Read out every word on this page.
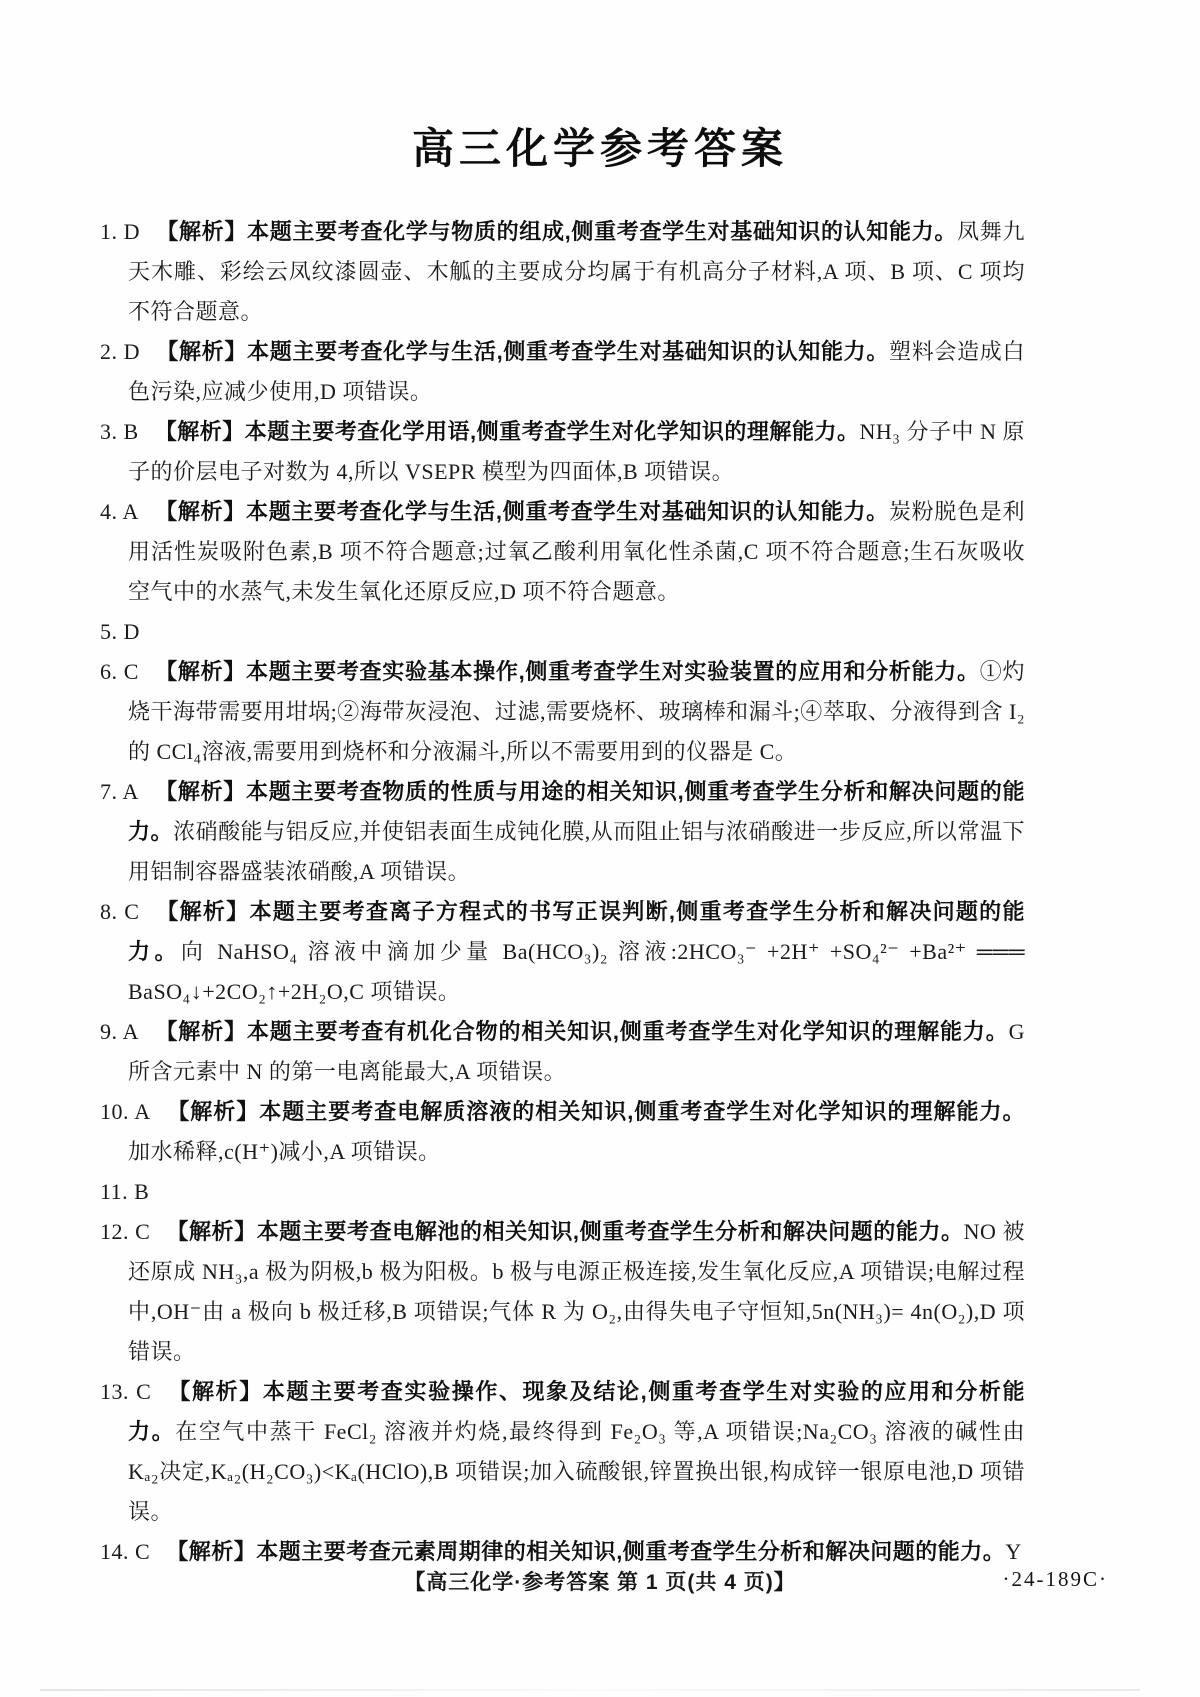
高三化学参考答案
1. D 【解析】本题主要考查化学与物质的组成,侧重考查学生对基础知识的认知能力。凤舞九天木雕、彩绘云凤纹漆圆壶、木觚的主要成分均属于有机高分子材料,A 项、B 项、C 项均不符合题意。
2. D 【解析】本题主要考查化学与生活,侧重考查学生对基础知识的认知能力。塑料会造成白色污染,应减少使用,D 项错误。
3. B 【解析】本题主要考查化学用语,侧重考查学生对化学知识的理解能力。NH₃ 分子中 N 原子的价层电子对数为 4,所以 VSEPR 模型为四面体,B 项错误。
4. A 【解析】本题主要考查化学与生活,侧重考查学生对基础知识的认知能力。炭粉脱色是利用活性炭吸附色素,B 项不符合题意;过氧乙酸利用氧化性杀菌,C 项不符合题意;生石灰吸收空气中的水蒸气,未发生氧化还原反应,D 项不符合题意。
5. D
6. C 【解析】本题主要考查实验基本操作,侧重考查学生对实验装置的应用和分析能力。①灼烧干海带需要用坩埚;②海带灰浸泡、过滤,需要烧杯、玻璃棒和漏斗;④萃取、分液得到含 I₂ 的 CCl₄溶液,需要用到烧杯和分液漏斗,所以不需要用到的仪器是 C。
7. A 【解析】本题主要考查物质的性质与用途的相关知识,侧重考查学生分析和解决问题的能力。浓硝酸能与铝反应,并使铝表面生成钝化膜,从而阻止铝与浓硝酸进一步反应,所以常温下用铝制容器盛装浓硝酸,A 项错误。
8. C 【解析】本题主要考查离子方程式的书写正误判断,侧重考查学生分析和解决问题的能力。向 NaHSO₄ 溶液中滴加少量 Ba(HCO₃)₂ 溶液:2HCO₃⁻ +2H⁺ +SO₄²⁻ +Ba²⁺ ═══ BaSO₄↓+2CO₂↑+2H₂O,C 项错误。
9. A 【解析】本题主要考查有机化合物的相关知识,侧重考查学生对化学知识的理解能力。G 所含元素中 N 的第一电离能最大,A 项错误。
10. A 【解析】本题主要考查电解质溶液的相关知识,侧重考查学生对化学知识的理解能力。加水稀释,c(H⁺)减小,A 项错误。
11. B
12. C 【解析】本题主要考查电解池的相关知识,侧重考查学生分析和解决问题的能力。NO 被还原成 NH₃,a 极为阴极,b 极为阳极。b 极与电源正极连接,发生氧化反应,A 项错误;电解过程中,OH⁻由 a 极向 b 极迁移,B 项错误;气体 R 为 O₂,由得失电子守恒知,5n(NH₃)= 4n(O₂),D 项错误。
13. C 【解析】本题主要考查实验操作、现象及结论,侧重考查学生对实验的应用和分析能力。在空气中蒸干 FeCl₂ 溶液并灼烧,最终得到 Fe₂O₃ 等,A 项错误;Na₂CO₃ 溶液的碱性由 Kₐ₂决定,Kₐ₂(H₂CO₃)<Kₐ(HClO),B 项错误;加入硫酸银,锌置换出银,构成锌一银原电池,D 项错误。
14. C 【解析】本题主要考查元素周期律的相关知识,侧重考查学生分析和解决问题的能力。Y
【高三化学·参考答案 第 1 页(共 4 页)】	·24-189C·
